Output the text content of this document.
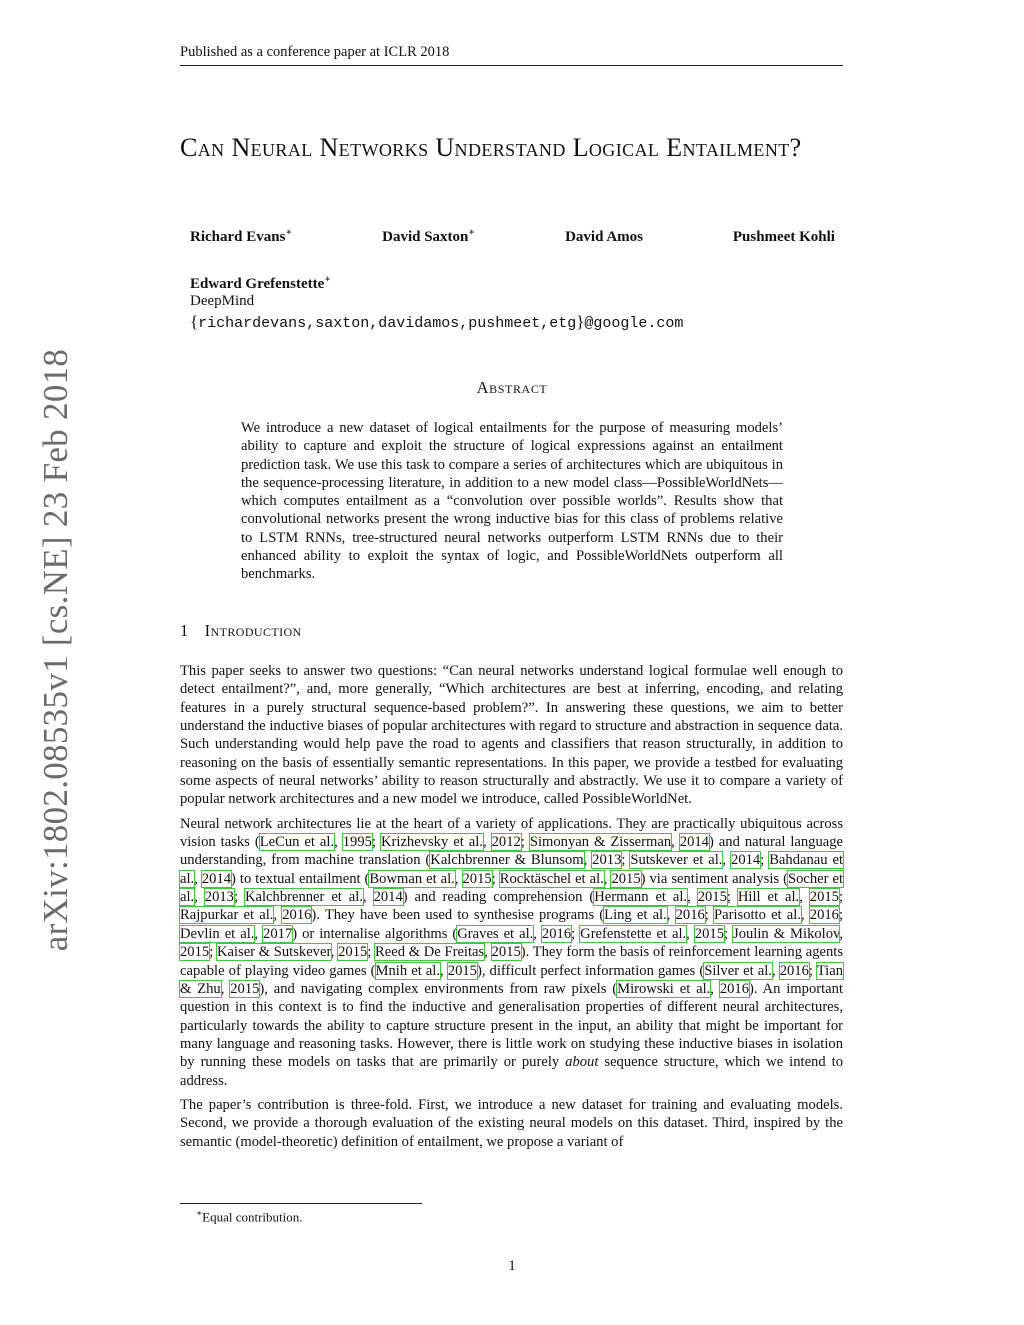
Published as a conference paper at ICLR 2018
arXiv:1802.08535v1 [cs.NE] 23 Feb 2018
Can Neural Networks Understand Logical Entailment?
Richard Evans∗	David Saxton∗	David Amos	Pushmeet Kohli
Edward Grefenstette∗
DeepMind
{richardevans,saxton,davidamos,pushmeet,etg}@google.com
Abstract
We introduce a new dataset of logical entailments for the purpose of measuring models’ ability to capture and exploit the structure of logical expressions against an entailment prediction task. We use this task to compare a series of architectures which are ubiquitous in the sequence-processing literature, in addition to a new model class—PossibleWorldNets—which computes entailment as a “convolution over possible worlds”. Results show that convolutional networks present the wrong inductive bias for this class of problems relative to LSTM RNNs, tree-structured neural networks outperform LSTM RNNs due to their enhanced ability to exploit the syntax of logic, and PossibleWorldNets outperform all benchmarks.
1 Introduction

This paper seeks to answer two questions: “Can neural networks understand logical formulae well enough to detect entailment?”, and, more generally, “Which architectures are best at inferring, encoding, and relating features in a purely structural sequence-based problem?”. In answering these questions, we aim to better understand the inductive biases of popular architectures with regard to structure and abstraction in sequence data. Such understanding would help pave the road to agents and classifiers that reason structurally, in addition to reasoning on the basis of essentially semantic representations. In this paper, we provide a testbed for evaluating some aspects of neural networks’ ability to reason structurally and abstractly. We use it to compare a variety of popular network architectures and a new model we introduce, called PossibleWorldNet.

Neural network architectures lie at the heart of a variety of applications. They are practically ubiquitous across vision tasks (LeCun et al., 1995; Krizhevsky et al., 2012; Simonyan & Zisserman, 2014) and natural language understanding, from machine translation (Kalchbrenner & Blunsom, 2013; Sutskever et al., 2014; Bahdanau et al., 2014) to textual entailment (Bowman et al., 2015; Rocktäschel et al., 2015) via sentiment analysis (Socher et al., 2013; Kalchbrenner et al., 2014) and reading comprehension (Hermann et al., 2015; Hill et al., 2015; Rajpurkar et al., 2016). They have been used to synthesise programs (Ling et al., 2016; Parisotto et al., 2016; Devlin et al., 2017) or internalise algorithms (Graves et al., 2016; Grefenstette et al., 2015; Joulin & Mikolov, 2015; Kaiser & Sutskever, 2015; Reed & De Freitas, 2015). They form the basis of reinforcement learning agents capable of playing video games (Mnih et al., 2015), difficult perfect information games (Silver et al., 2016; Tian & Zhu, 2015), and navigating complex environments from raw pixels (Mirowski et al., 2016). An important question in this context is to find the inductive and generalisation properties of different neural architectures, particularly towards the ability to capture structure present in the input, an ability that might be important for many language and reasoning tasks. However, there is little work on studying these inductive biases in isolation by running these models on tasks that are primarily or purely about sequence structure, which we intend to address.

The paper’s contribution is three-fold. First, we introduce a new dataset for training and evaluating models. Second, we provide a thorough evaluation of the existing neural models on this dataset. Third, inspired by the semantic (model-theoretic) definition of entailment, we propose a variant of

∗Equal contribution.
1
